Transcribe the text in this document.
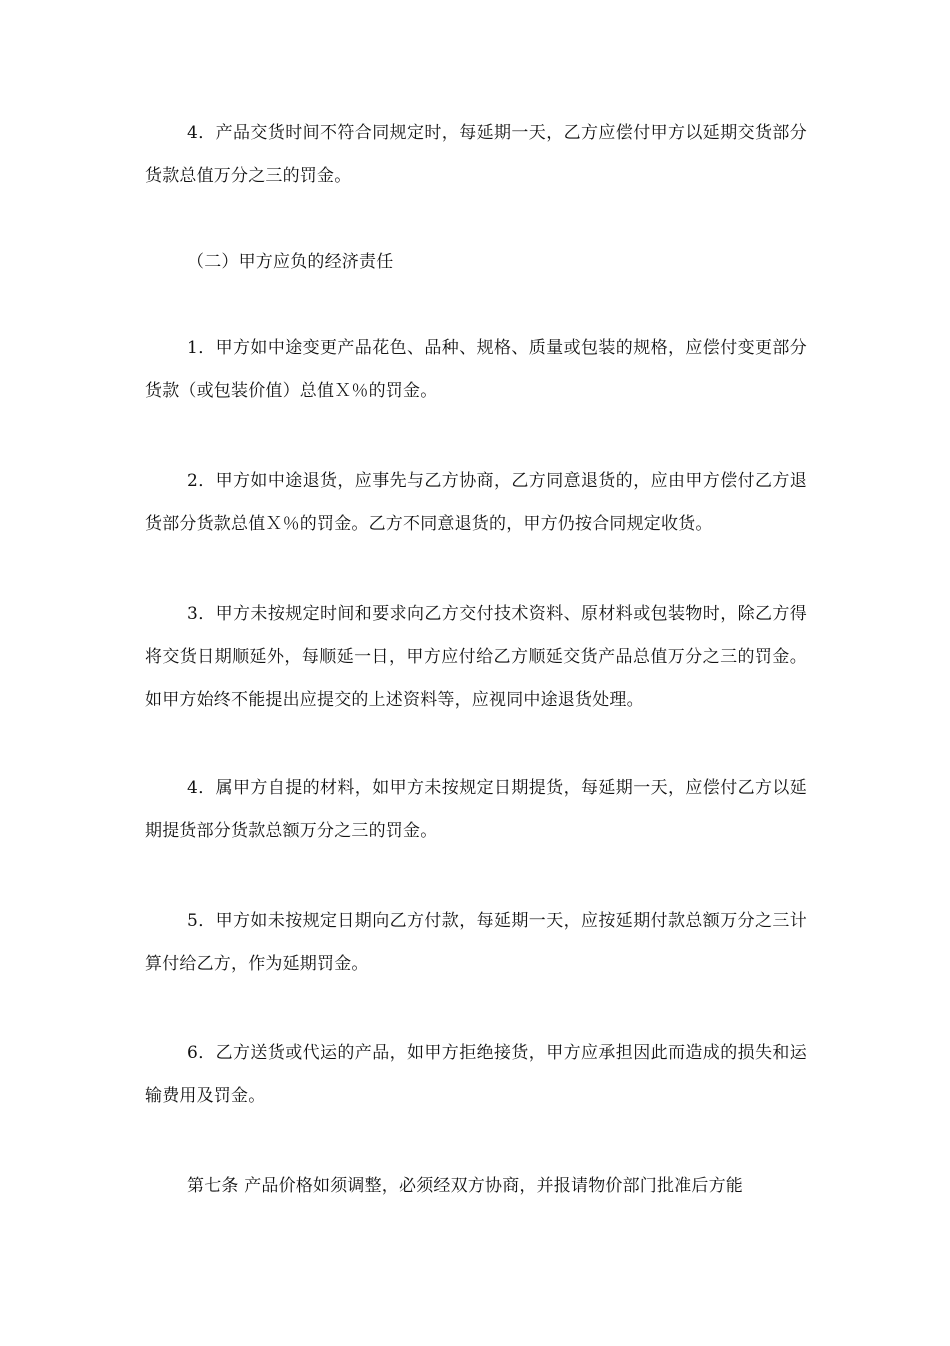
4．产品交货时间不符合同规定时，每延期一天，乙方应偿付甲方以延期交货部分货款总值万分之三的罚金。

（二）甲方应负的经济责任

1．甲方如中途变更产品花色、品种、规格、质量或包装的规格，应偿付变更部分货款（或包装价值）总值Ｘ％的罚金。

2．甲方如中途退货，应事先与乙方协商，乙方同意退货的，应由甲方偿付乙方退货部分货款总值Ｘ％的罚金。乙方不同意退货的，甲方仍按合同规定收货。

3．甲方未按规定时间和要求向乙方交付技术资料、原材料或包装物时，除乙方得将交货日期顺延外，每顺延一日，甲方应付给乙方顺延交货产品总值万分之三的罚金。如甲方始终不能提出应提交的上述资料等，应视同中途退货处理。

4．属甲方自提的材料，如甲方未按规定日期提货，每延期一天，应偿付乙方以延期提货部分货款总额万分之三的罚金。

5．甲方如未按规定日期向乙方付款，每延期一天，应按延期付款总额万分之三计算付给乙方，作为延期罚金。

6．乙方送货或代运的产品，如甲方拒绝接货，甲方应承担因此而造成的损失和运输费用及罚金。

第七条 产品价格如须调整，必须经双方协商，并报请物价部门批准后方能
